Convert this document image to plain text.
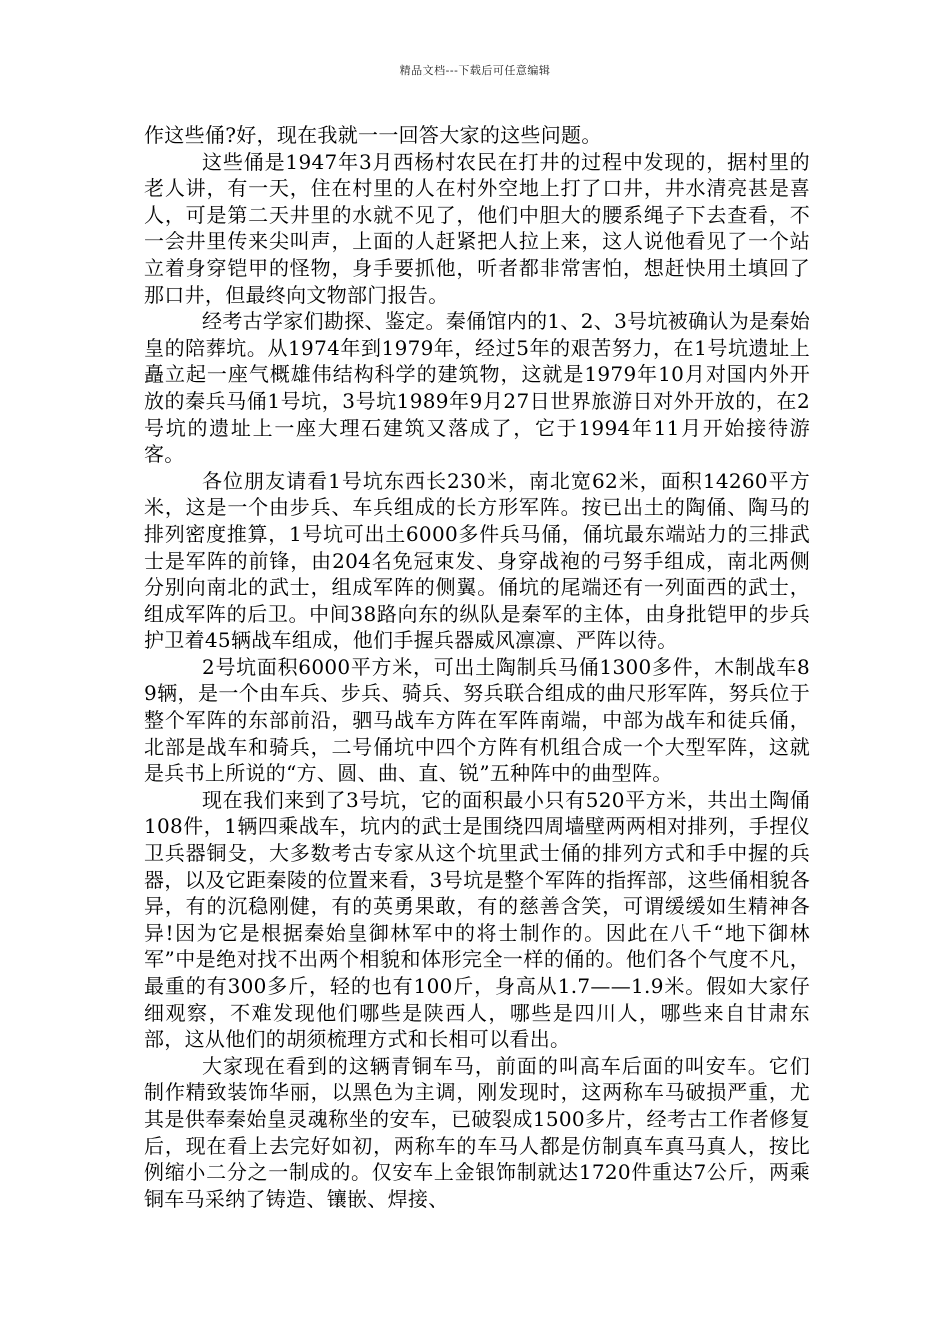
精品文档---下载后可任意编辑

作这些俑?好，现在我就一一回答大家的这些问题。

这些俑是1947年3月西杨村农民在打井的过程中发现的，据村里的老人讲，有一天，住在村里的人在村外空地上打了口井，井水清亮甚是喜人，可是第二天井里的水就不见了，他们中胆大的腰系绳子下去查看，不一会井里传来尖叫声，上面的人赶紧把人拉上来，这人说他看见了一个站立着身穿铠甲的怪物，身手要抓他，听者都非常害怕，想赶快用土填回了那口井，但最终向文物部门报告。

经考古学家们勘探、鉴定。秦俑馆内的1、2、3号坑被确认为是秦始皇的陪葬坑。从1974年到1979年，经过5年的艰苦努力，在1号坑遗址上矗立起一座气概雄伟结构科学的建筑物，这就是1979年10月对国内外开放的秦兵马俑1号坑，3号坑1989年9月27日世界旅游日对外开放的，在2号坑的遗址上一座大理石建筑又落成了，它于1994年11月开始接待游客。

各位朋友请看1号坑东西长230米，南北宽62米，面积14260平方米，这是一个由步兵、车兵组成的长方形军阵。按已出土的陶俑、陶马的排列密度推算，1号坑可出土6000多件兵马俑，俑坑最东端站力的三排武士是军阵的前锋，由204名免冠束发、身穿战袍的弓努手组成，南北两侧分别向南北的武士，组成军阵的侧翼。俑坑的尾端还有一列面西的武士，组成军阵的后卫。中间38路向东的纵队是秦军的主体，由身批铠甲的步兵护卫着45辆战车组成，他们手握兵器威风凛凛、严阵以待。

2号坑面积6000平方米，可出土陶制兵马俑1300多件，木制战车89辆，是一个由车兵、步兵、骑兵、努兵联合组成的曲尺形军阵，努兵位于整个军阵的东部前沿，驷马战车方阵在军阵南端，中部为战车和徒兵俑，北部是战车和骑兵，二号俑坑中四个方阵有机组合成一个大型军阵，这就是兵书上所说的“方、圆、曲、直、锐”五种阵中的曲型阵。

现在我们来到了3号坑，它的面积最小只有520平方米，共出土陶俑108件，1辆四乘战车，坑内的武士是围绕四周墙壁两两相对排列，手捏仪卫兵器铜殳，大多数考古专家从这个坑里武士俑的排列方式和手中握的兵器，以及它距秦陵的位置来看，3号坑是整个军阵的指挥部，这些俑相貌各异，有的沉稳刚健，有的英勇果敢，有的慈善含笑，可谓缓缓如生精神各异!因为它是根据秦始皇御林军中的将士制作的。因此在八千“地下御林军”中是绝对找不出两个相貌和体形完全一样的俑的。他们各个气度不凡，最重的有300多斤，轻的也有100斤，身高从1.7——1.9米。假如大家仔细观察，不难发现他们哪些是陕西人，哪些是四川人，哪些来自甘肃东部，这从他们的胡须梳理方式和长相可以看出。

大家现在看到的这辆青铜车马，前面的叫高车后面的叫安车。它们制作精致装饰华丽，以黑色为主调，刚发现时，这两称车马破损严重，尤其是供奉秦始皇灵魂称坐的安车，已破裂成1500多片，经考古工作者修复后，现在看上去完好如初，两称车的车马人都是仿制真车真马真人，按比例缩小二分之一制成的。仅安车上金银饰制就达1720件重达7公斤，两乘铜车马采纳了铸造、镶嵌、焊接、
